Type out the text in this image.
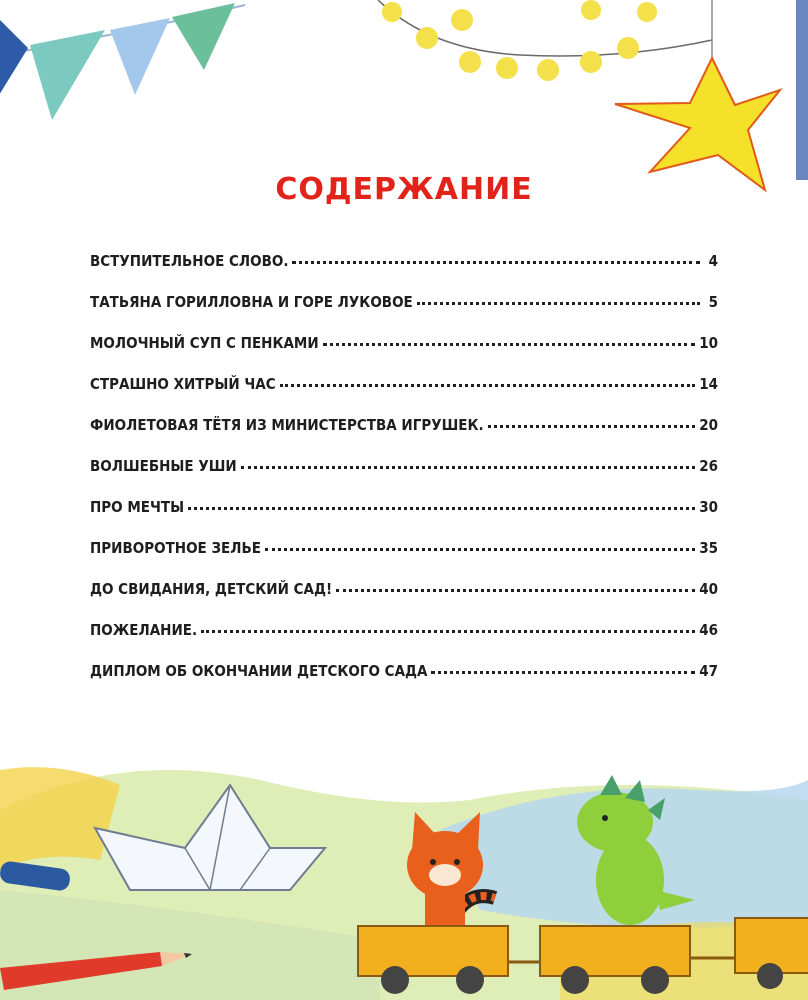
СОДЕРЖАНИЕ
ВСТУПИТЕЛЬНОЕ СЛОВО.	4
ТАТЬЯНА ГОРИЛЛОВНА И ГОРЕ ЛУКОВОЕ	5
МОЛОЧНЫЙ СУП С ПЕНКАМИ	10
СТРАШНО ХИТРЫЙ ЧАС	14
ФИОЛЕТОВАЯ ТЁТЯ ИЗ МИНИСТЕРСТВА ИГРУШЕК.	20
ВОЛШЕБНЫЕ УШИ	26
ПРО МЕЧТЫ	30
ПРИВОРОТНОЕ ЗЕЛЬЕ	35
ДО СВИДАНИЯ, ДЕТСКИЙ САД!	40
ПОЖЕЛАНИЕ.	46
ДИПЛОМ ОБ ОКОНЧАНИИ ДЕТСКОГО САДА	47
